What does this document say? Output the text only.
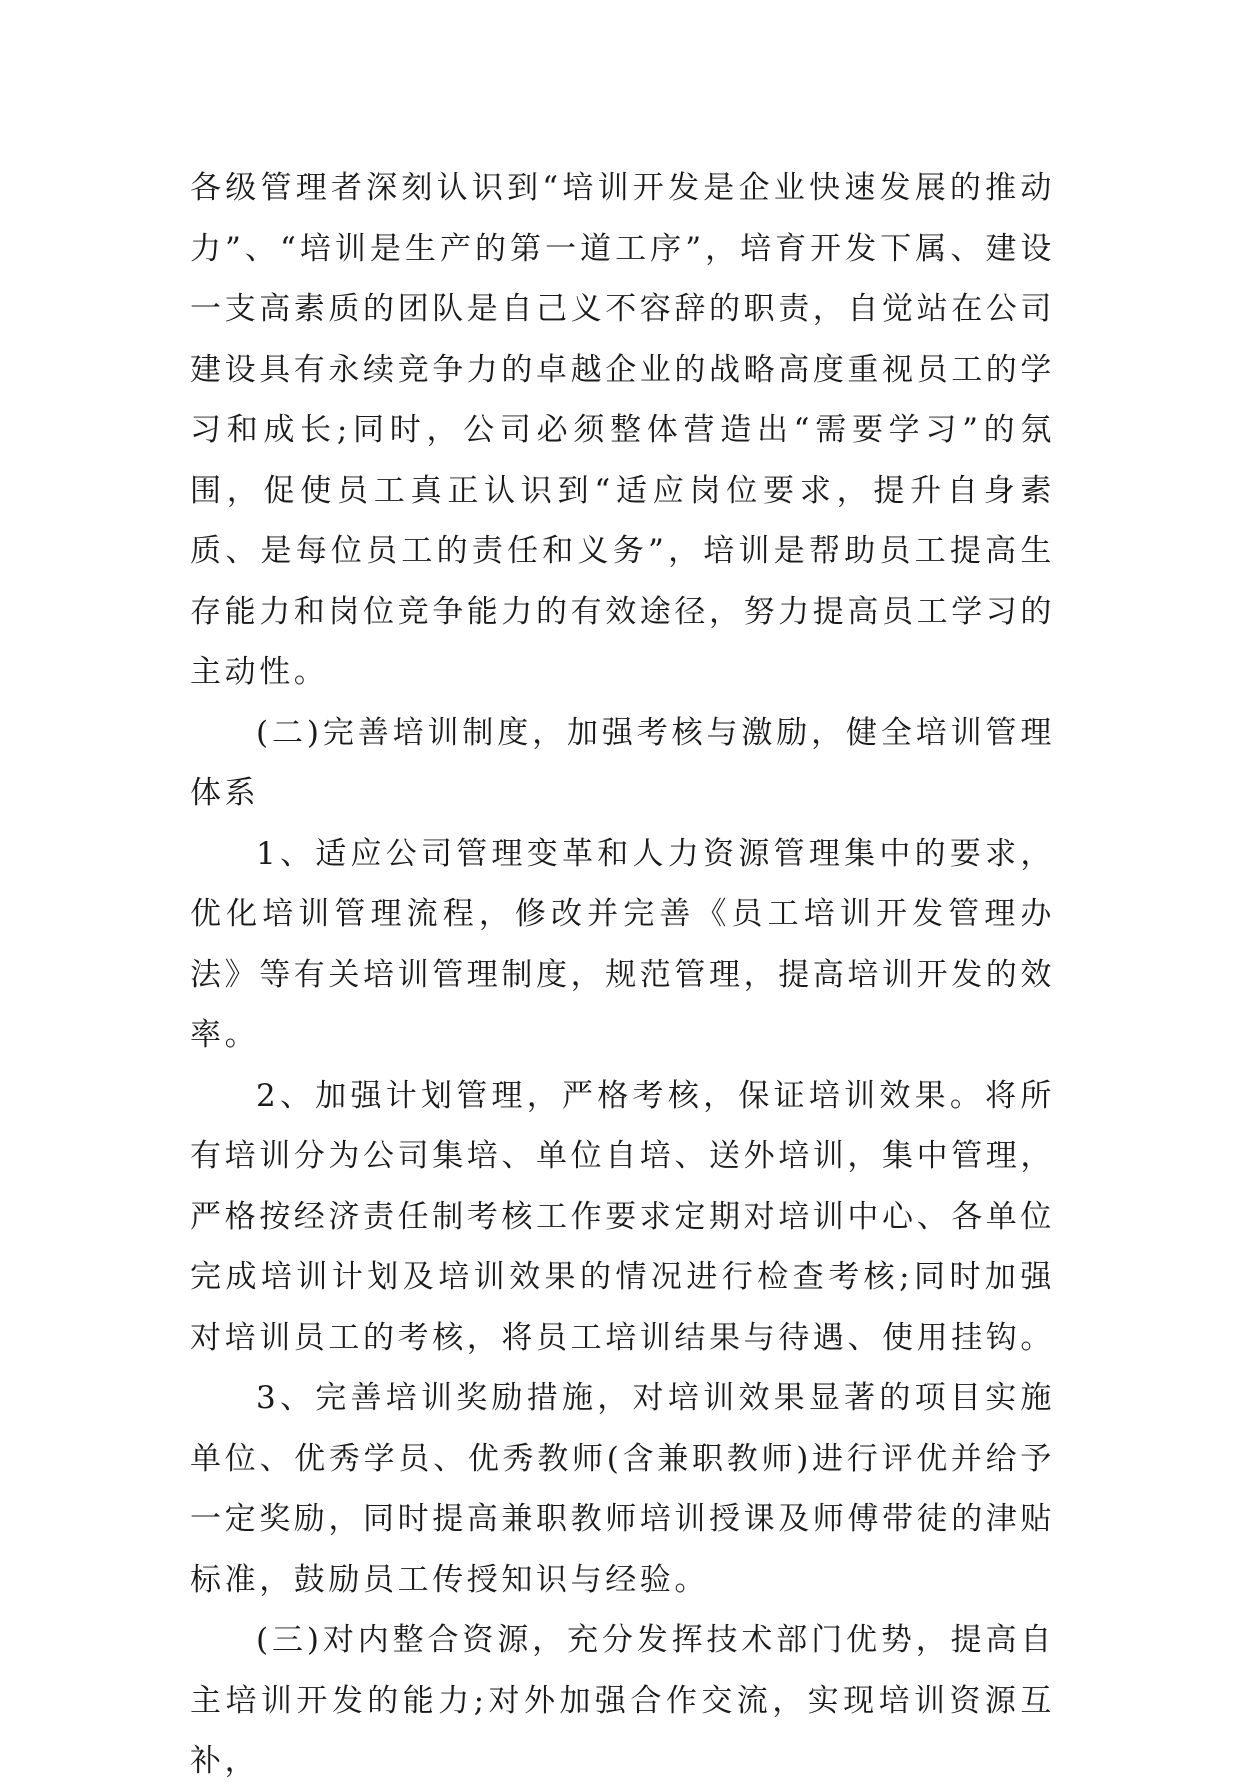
各级管理者深刻认识到“培训开发是企业快速发展的推动力”、“培训是生产的第一道工序”，培育开发下属、建设一支高素质的团队是自己义不容辞的职责，自觉站在公司建设具有永续竞争力的卓越企业的战略高度重视员工的学习和成长;同时，公司必须整体营造出“需要学习”的氛围，促使员工真正认识到“适应岗位要求，提升自身素质、是每位员工的责任和义务”，培训是帮助员工提高生存能力和岗位竞争能力的有效途径，努力提高员工学习的主动性。

(二)完善培训制度，加强考核与激励，健全培训管理体系

1、适应公司管理变革和人力资源管理集中的要求，优化培训管理流程，修改并完善《员工培训开发管理办法》等有关培训管理制度，规范管理，提高培训开发的效率。

2、加强计划管理，严格考核，保证培训效果。将所有培训分为公司集培、单位自培、送外培训，集中管理，严格按经济责任制考核工作要求定期对培训中心、各单位完成培训计划及培训效果的情况进行检查考核;同时加强对培训员工的考核，将员工培训结果与待遇、使用挂钩。

3、完善培训奖励措施，对培训效果显著的项目实施单位、优秀学员、优秀教师(含兼职教师)进行评优并给予一定奖励，同时提高兼职教师培训授课及师傅带徒的津贴标准，鼓励员工传授知识与经验。

(三)对内整合资源，充分发挥技术部门优势，提高自主培训开发的能力;对外加强合作交流，实现培训资源互补，
